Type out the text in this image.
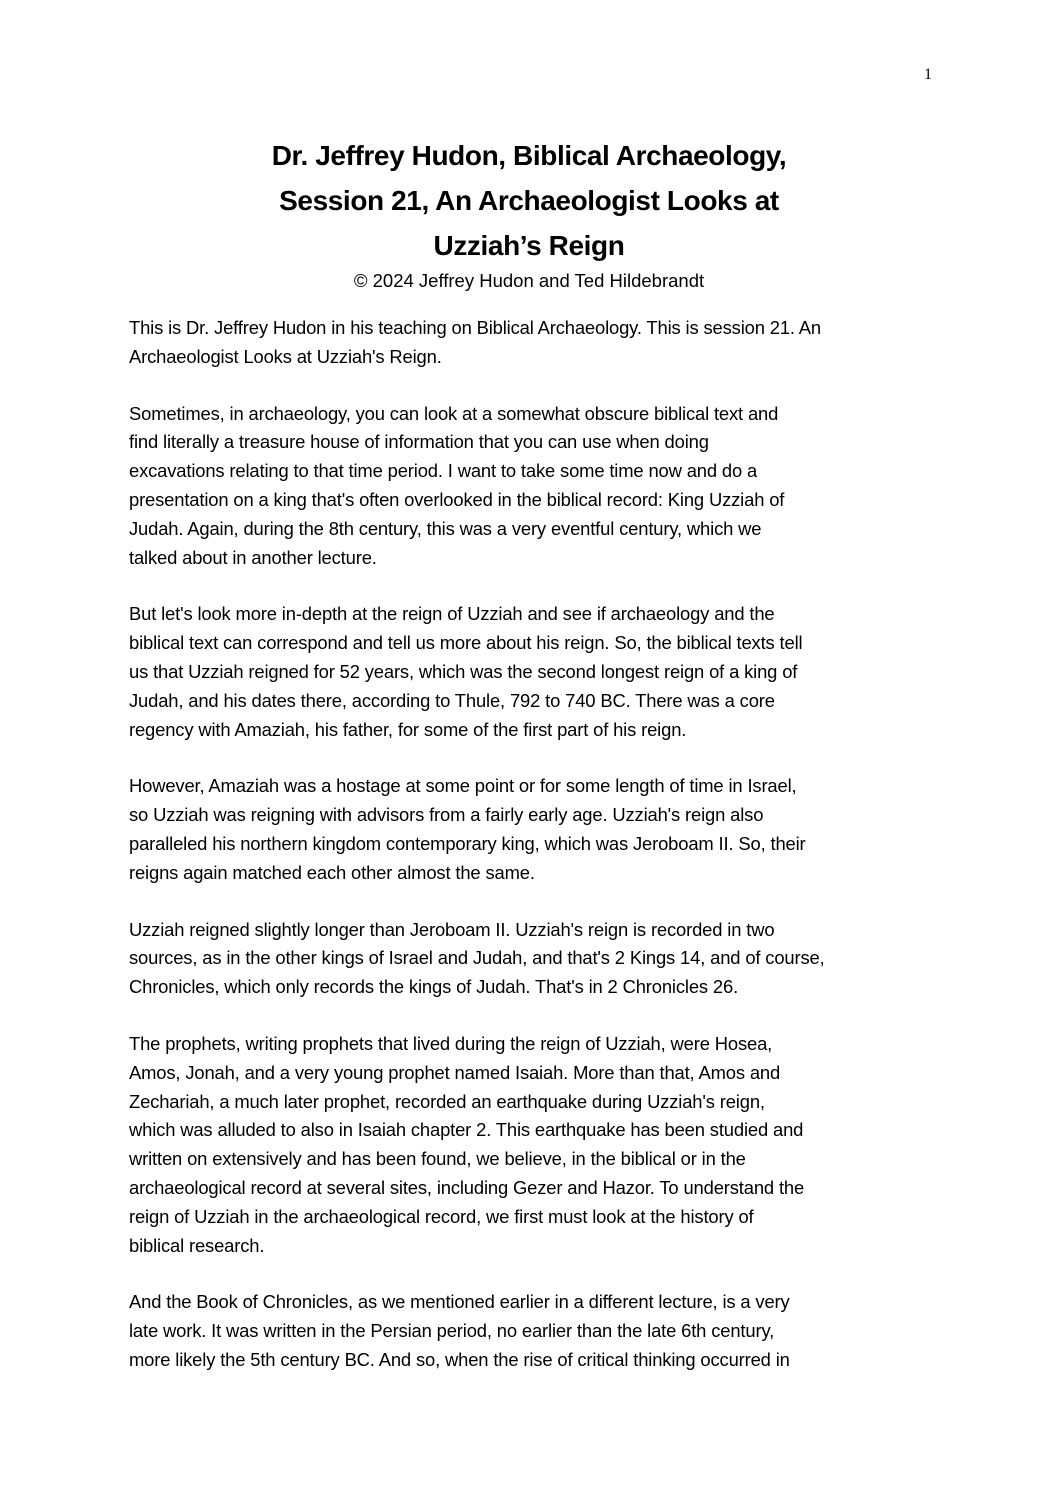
1
Dr. Jeffrey Hudon, Biblical Archaeology,
Session 21, An Archaeologist Looks at
Uzziah’s Reign
© 2024 Jeffrey Hudon and Ted Hildebrandt
This is Dr. Jeffrey Hudon in his teaching on Biblical Archaeology. This is session 21. An
Archaeologist Looks at Uzziah's Reign.
Sometimes, in archaeology, you can look at a somewhat obscure biblical text and
find literally a treasure house of information that you can use when doing
excavations relating to that time period. I want to take some time now and do a
presentation on a king that's often overlooked in the biblical record: King Uzziah of
Judah. Again, during the 8th century, this was a very eventful century, which we
talked about in another lecture.
But let's look more in-depth at the reign of Uzziah and see if archaeology and the
biblical text can correspond and tell us more about his reign. So, the biblical texts tell
us that Uzziah reigned for 52 years, which was the second longest reign of a king of
Judah, and his dates there, according to Thule, 792 to 740 BC. There was a core
regency with Amaziah, his father, for some of the first part of his reign.
However, Amaziah was a hostage at some point or for some length of time in Israel,
so Uzziah was reigning with advisors from a fairly early age. Uzziah's reign also
paralleled his northern kingdom contemporary king, which was Jeroboam II. So, their
reigns again matched each other almost the same.
Uzziah reigned slightly longer than Jeroboam II. Uzziah's reign is recorded in two
sources, as in the other kings of Israel and Judah, and that's 2 Kings 14, and of course,
Chronicles, which only records the kings of Judah. That's in 2 Chronicles 26.
The prophets, writing prophets that lived during the reign of Uzziah, were Hosea,
Amos, Jonah, and a very young prophet named Isaiah. More than that, Amos and
Zechariah, a much later prophet, recorded an earthquake during Uzziah's reign,
which was alluded to also in Isaiah chapter 2. This earthquake has been studied and
written on extensively and has been found, we believe, in the biblical or in the
archaeological record at several sites, including Gezer and Hazor. To understand the
reign of Uzziah in the archaeological record, we first must look at the history of
biblical research.
And the Book of Chronicles, as we mentioned earlier in a different lecture, is a very
late work. It was written in the Persian period, no earlier than the late 6th century,
more likely the 5th century BC. And so, when the rise of critical thinking occurred in
